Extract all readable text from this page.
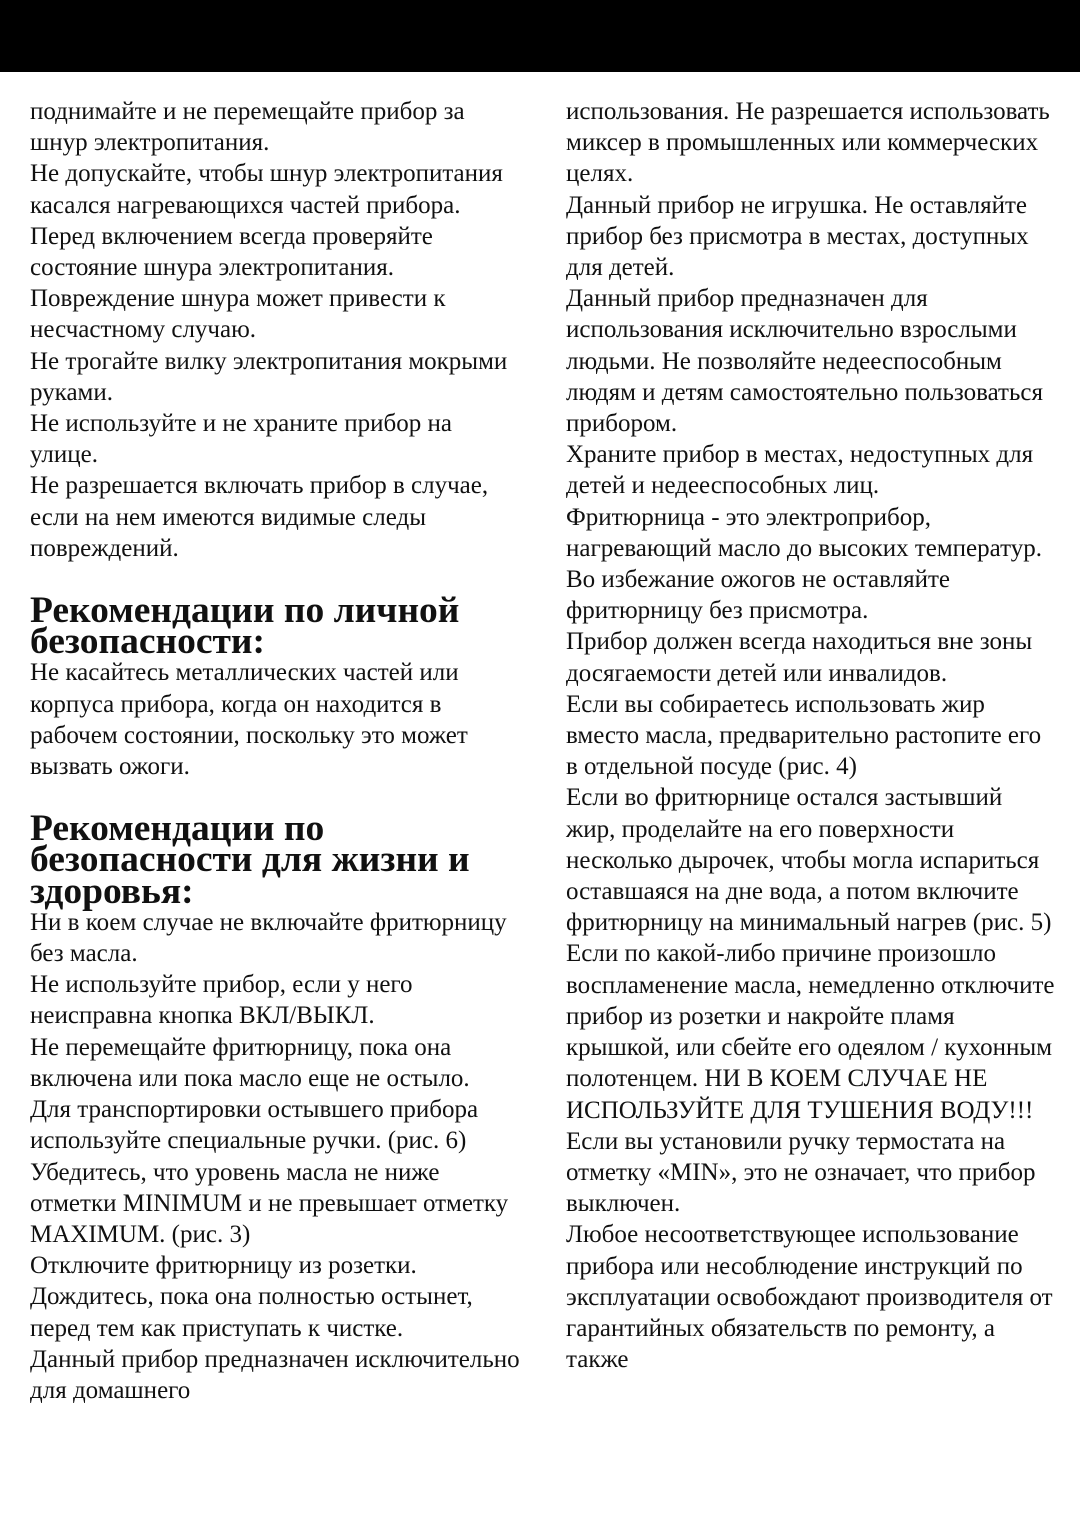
поднимайте и не перемещайте прибор за шнур электропитания.

Не допускайте, чтобы шнур электропитания касался нагревающихся частей прибора.

Перед включением всегда проверяйте состояние шнура электропитания. Повреждение шнура может привести к несчастному случаю.

Не трогайте вилку электропитания мокрыми руками.

Не используйте и не храните прибор на улице.

Не разрешается включать прибор в случае, если на нем имеются видимые следы повреждений.

Рекомендации по личной безопасности:

Не касайтесь металлических частей или корпуса прибора, когда он находится в рабочем состоянии, поскольку это может вызвать ожоги.

Рекомендации по безопасности для жизни и здоровья:

Ни в коем случае не включайте фритюрницу без масла.

Не используйте прибор, если у него неисправна кнопка ВКЛ/ВЫКЛ.

Не перемещайте фритюрницу, пока она включена или пока масло еще не остыло.

Для транспортировки остывшего прибора используйте специальные ручки. (рис. 6)

Убедитесь, что уровень масла не ниже отметки MINIMUM и не превышает отметку MAXIMUM. (рис. 3)

Отключите фритюрницу из розетки. Дождитесь, пока она полностью остынет, перед тем как приступать к чистке.

Данный прибор предназначен исключительно для домашнего

использования. Не разрешается использовать миксер в промышленных или коммерческих целях.

Данный прибор не игрушка. Не оставляйте прибор без присмотра в местах, доступных для детей.

Данный прибор предназначен для использования исключительно взрослыми людьми. Не позволяйте недееспособным людям и детям самостоятельно пользоваться прибором.

Храните прибор в местах, недоступных для детей и недееспособных лиц.

Фритюрница - это электроприбор, нагревающий масло до высоких температур. Во избежание ожогов не оставляйте фритюрницу без присмотра.

Прибор должен всегда находиться вне зоны досягаемости детей или инвалидов.

Если вы собираетесь использовать жир вместо масла, предварительно растопите его в отдельной посуде (рис. 4)

Если во фритюрнице остался застывший жир, проделайте на его поверхности несколько дырочек, чтобы могла испариться оставшаяся на дне вода, а потом включите фритюрницу на минимальный нагрев (рис. 5)

Если по какой-либо причине произошло воспламенение масла, немедленно отключите прибор из розетки и накройте пламя крышкой, или сбейте его одеялом / кухонным полотенцем. НИ В КОЕМ СЛУЧАЕ НЕ ИСПОЛЬЗУЙТЕ ДЛЯ ТУШЕНИЯ ВОДУ!!!

Если вы установили ручку термостата на отметку «MIN», это не означает, что прибор выключен.

Любое несоответствующее использование прибора или несоблюдение инструкций по эксплуатации освобождают производителя от гарантийных обязательств по ремонту, а также
